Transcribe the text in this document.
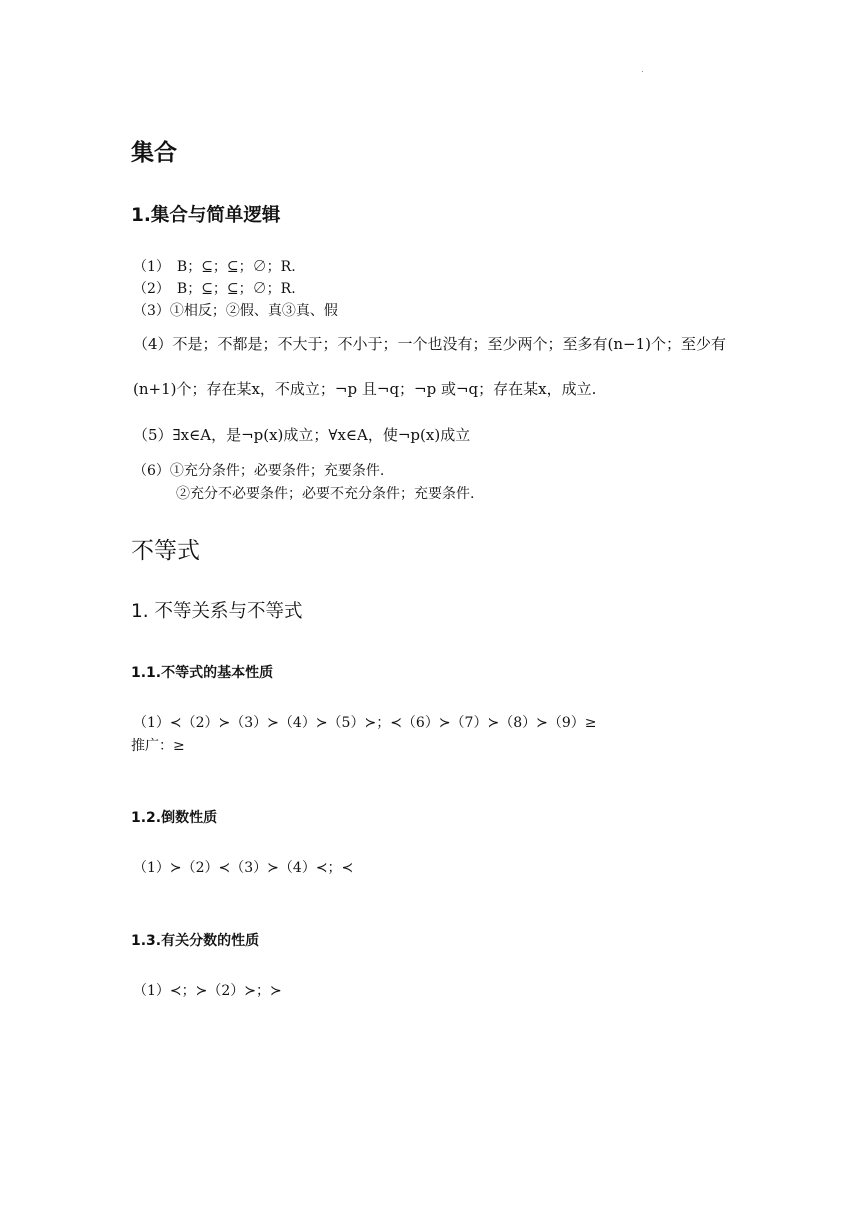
集合
1.集合与简单逻辑
（1）　B；⊆；⊆；∅；R.
（2）　B；⊆；⊆；∅；R.
（3）①相反；②假、真③真、假
（4）不是；不都是；不大于；不小于；一个也没有；至少两个；至多有(n−1)个；至少有
(n+1)个；存在某x，不成立；¬p 且¬q；¬p 或¬q；存在某x，成立.
（5）∃x∈A，是¬p(x)成立；∀x∈A，使¬p(x)成立
（6）①充分条件；必要条件；充要条件.
②充分不必要条件；必要不充分条件；充要条件.
不等式
1. 不等关系与不等式
1.1.不等式的基本性质
（1）≺（2）≻（3）≻（4）≻（5）≻；≺（6）≻（7）≻（8）≻（9）≥
推广：≥
1.2.倒数性质
（1）≻（2）≺（3）≻（4）≺；≺
1.3.有关分数的性质
（1）≺；≻（2）≻；≻
